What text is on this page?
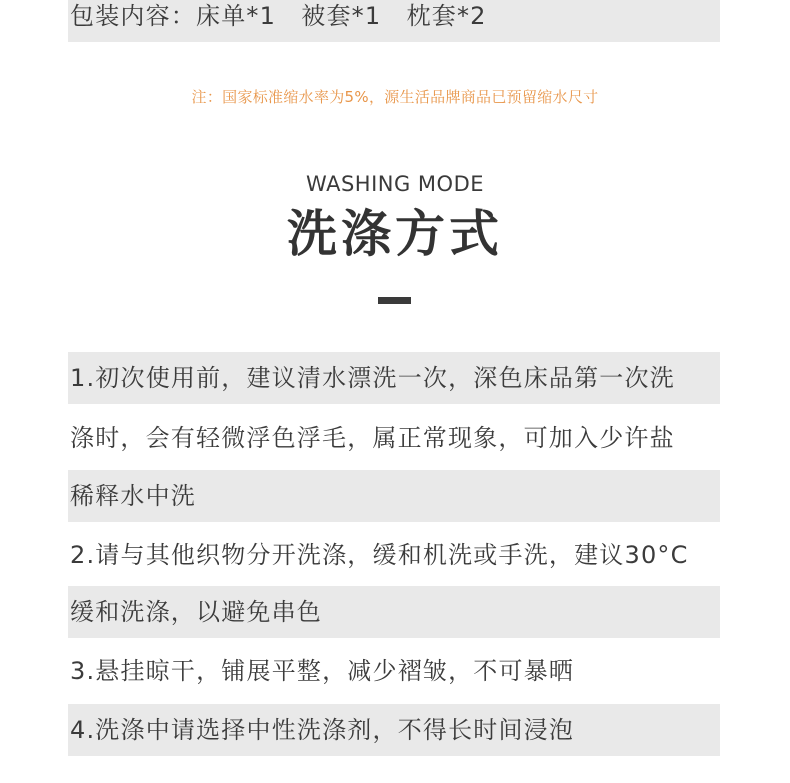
包装内容：床单*1　被套*1　枕套*2
注：国家标准缩水率为5%，源生活品牌商品已预留缩水尺寸
WASHING MODE
洗涤方式
1.初次使用前，建议清水漂洗一次，深色床品第一次洗
涤时，会有轻微浮色浮毛，属正常现象，可加入少许盐
稀释水中洗
2.请与其他织物分开洗涤，缓和机洗或手洗，建议30°C
缓和洗涤，以避免串色
3.悬挂晾干，铺展平整，减少褶皱，不可暴晒
4.洗涤中请选择中性洗涤剂，不得长时间浸泡
